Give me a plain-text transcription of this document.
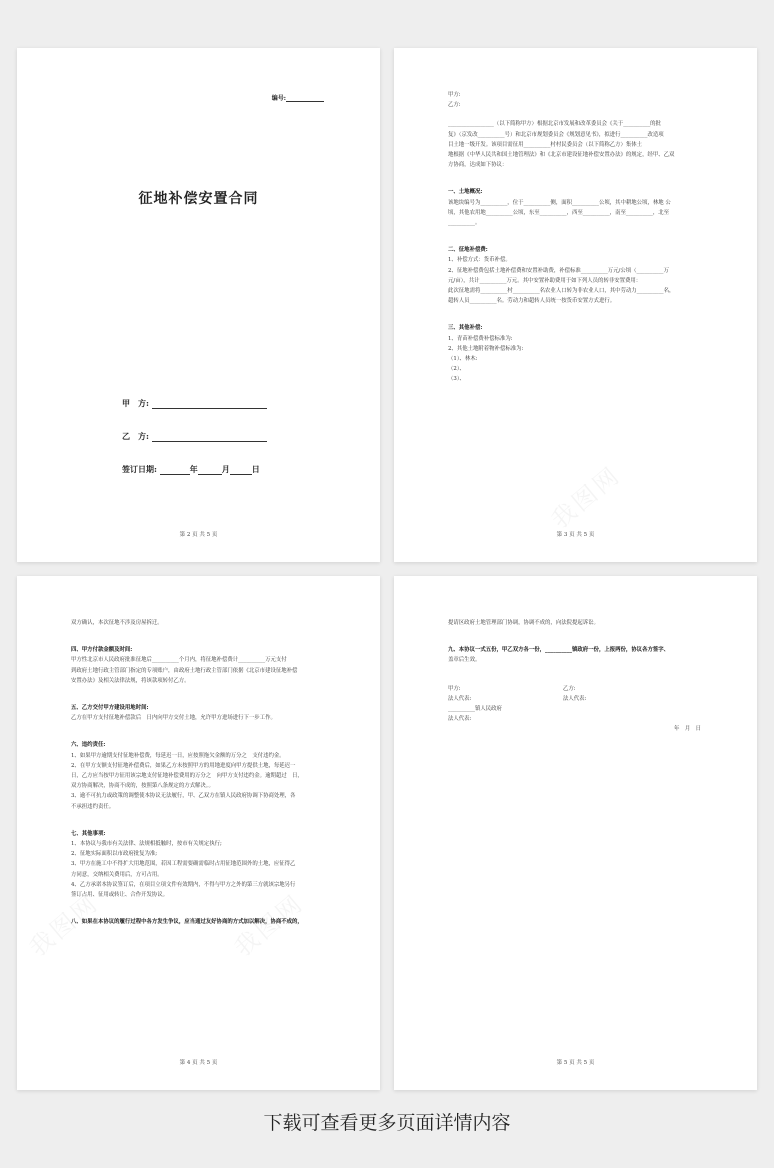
编号:
征地补偿安置合同
甲　方:
乙　方:
签订日期:	年	月	日
第 2 页 共 5 页

甲方:

乙方:

_________________（以下简称甲方）根据北京市发展和改革委员会《关于__________的批

复》（京发改__________号）和北京市规划委员会《规划意见书》，拟进行__________改造项

目土地一级开发。该项目需征用__________村村民委员会（以下简称乙方）集体土

地根据《中华人民共和国土地管理法》和《北京市建设征地补偿安置办法》的规定，经甲、乙双

方协商，达成如下协议：

一、土地概况:

该地块编号为__________，位于__________侧，面积__________公顷，其中耕地公顷，林地 公

顷，其他农用地__________公顷，东至__________，西至__________，南至__________，北至

__________。

二、征地补偿费:

1、补偿方式：货币补偿。

2、征地补偿费包括土地补偿费和安置补助费，补偿标准__________万元/公顷（__________万

元/亩），共计__________万元。其中安置补助费用于如下列人员的转非安置费用：

此次征地需将__________村__________名农业人口转为非农业人口，其中劳动力__________名，

超转人员__________名。劳动力和超转人员统一按货币安置方式进行。

三、其他补偿:

1、青苗补偿费补偿标准为:

2、其他土地附着物补偿标准为:

（1）、林木:

（2）、

（3）、

第 3 页 共 5 页

双方确认，本次征地不涉及房屋拆迁。

四、甲方付款金额及时间:

甲方性北京市人民政府批准征地后__________个月内，将征地补偿费计__________万元支付

到政府土地行政主管部门指定的专项账户，由政府土地行政主管部门依据《北京市建设征地补偿

安置办法》及相关法律法规，将该款项转付乙方。

五、乙方交付甲方建设用地时间:

乙方在甲方支付征地补偿款后　日内向甲方交付土地，允许甲方进场进行下一步工作。

六、违约责任:

1、如果甲方逾期支付征地补偿费，每延迟一日，应按照拖欠金额的万分之　支付违约金。

2、在甲方支额支付征地补偿费后，如果乙方未按照甲方的用地进度向甲方提供土地，每延迟一

日，乙方应当按甲方征用该宗地支付征地补偿费用的万分之　向甲方支付违约金。逾期超过　日，

双方协商解决，协商不成的，按照第八条规定的方式解决。。

3、逾不可抗力或政策的调整使本协议无法履行，甲、乙双方在镇人民政府协调下协商处理，各

不承担违约责任。

七、其他事项:

1、本协议与我市有关法律、法规相抵触时，按市有关规定执行;

2、征地实际面积以市政府批复为准;

3、甲方在施工中不得扩大用地范围，若因工程需要确需临时占用征地范围外的土地，应征得乙

方同意，交纳相关费用后，方可占用。

4、乙方承诺本协议签订后，在项目立项文件有效期内，不得与甲方之外的第三方就该宗地另行

签订占用、征用或转让、合作开发协议。

八、如果在本协议的履行过程中各方发生争议，应当通过友好协商的方式加以解决，协商不成的，

第 4 页 共 5 页

提请区政府土地管理部门协调，协调不成的，向法院提起诉讼。

九、本协议一式五份，甲乙双方各一份，__________镇政府一份，上报两份，协议各方签字、

盖章后生效。

甲方:	乙方:

法人代表:	法人代表:

__________镇人民政府

法人代表:

年　月　日

第 5 页 共 5 页
下载可查看更多页面详情内容
